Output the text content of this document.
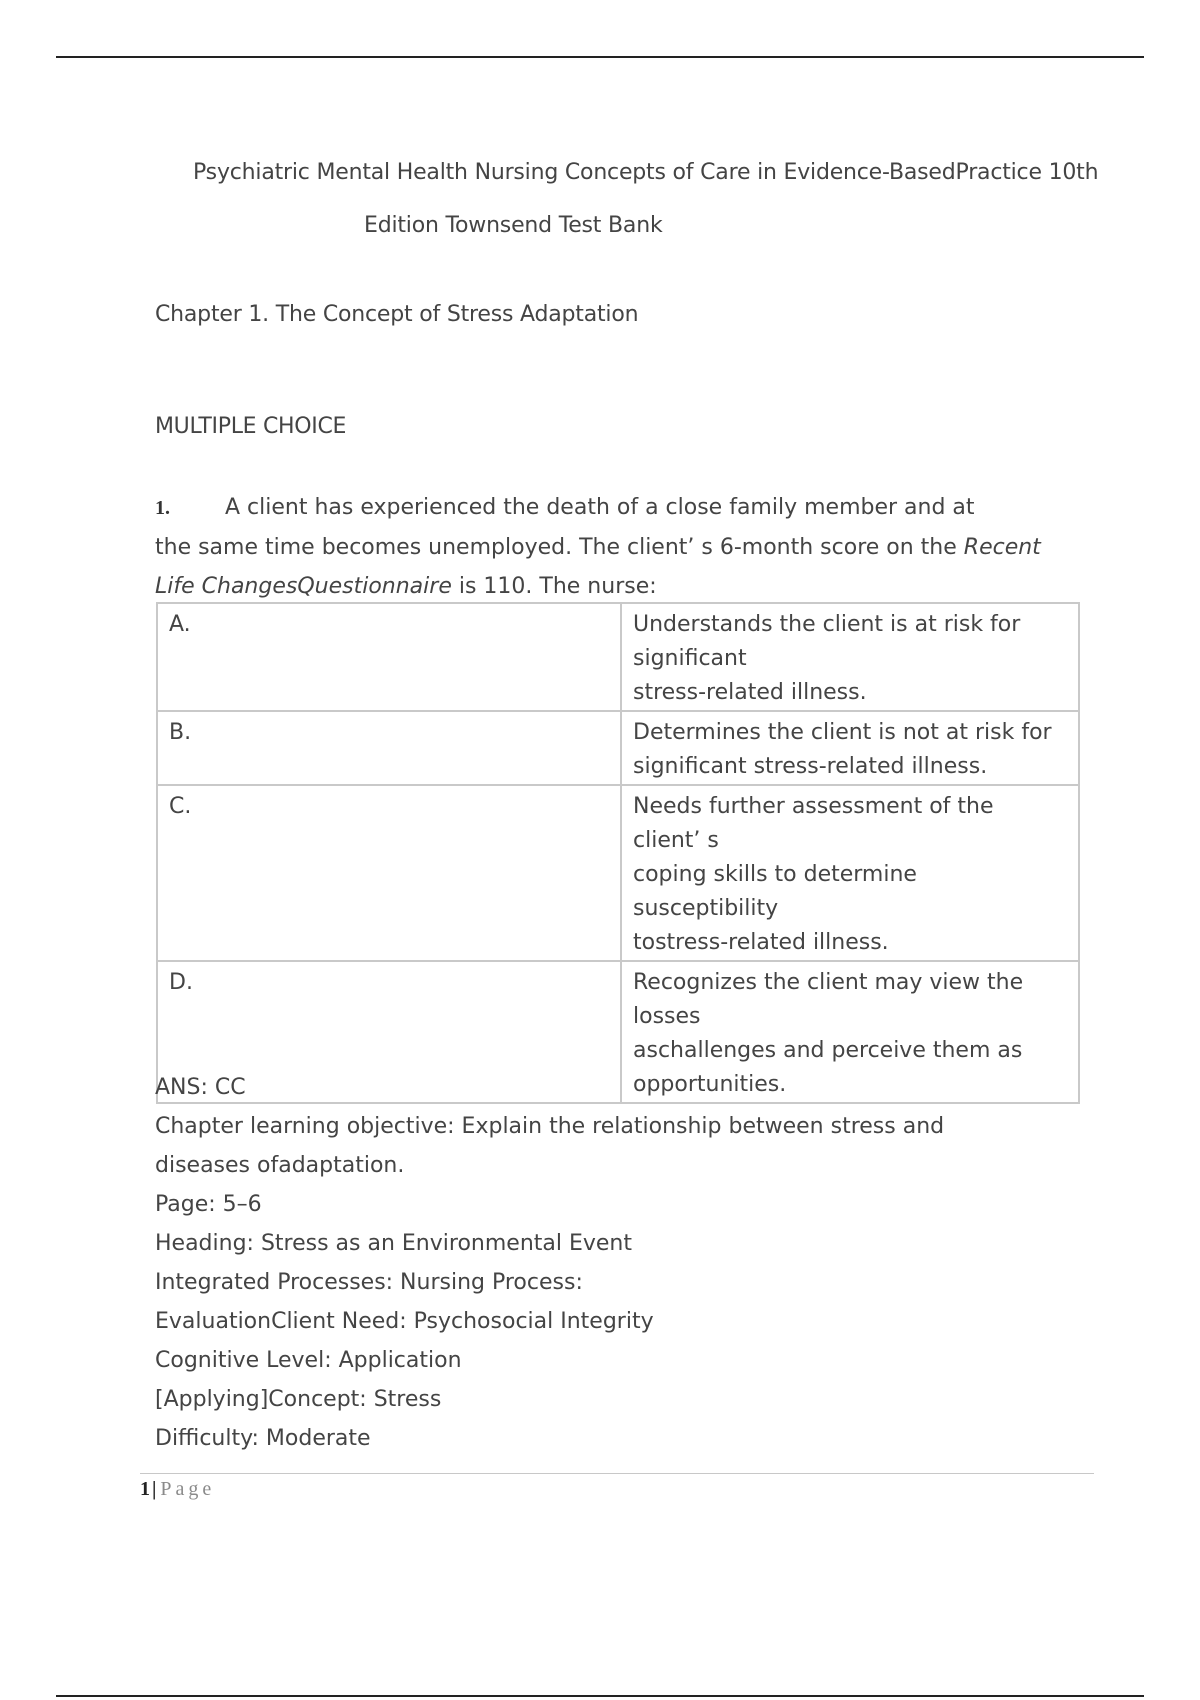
Psychiatric Mental Health Nursing Concepts of Care in Evidence-BasedPractice 10th
Edition Townsend Test Bank
Chapter 1. The Concept of Stress Adaptation
MULTIPLE CHOICE
1.	A client has experienced the death of a close family member and at
the same time becomes unemployed. The client’ s 6-month score on the Recent
Life ChangesQuestionnaire is 110. The nurse:
A.	Understands the client is at risk for
significant
stress-related illness.

B.	Determines the client is not at risk for
significant stress-related illness.

C.	Needs further assessment of the client’ s
coping skills to determine susceptibility
tostress-related illness.

D.	Recognizes the client may view the losses
aschallenges and perceive them as
opportunities.
ANS: CC
Chapter learning objective: Explain the relationship between stress and
diseases ofadaptation.
Page: 5–6
Heading: Stress as an Environmental Event
Integrated Processes: Nursing Process:
EvaluationClient Need: Psychosocial Integrity
Cognitive Level: Application
[Applying]Concept: Stress
Difficulty: Moderate
1 | Page
